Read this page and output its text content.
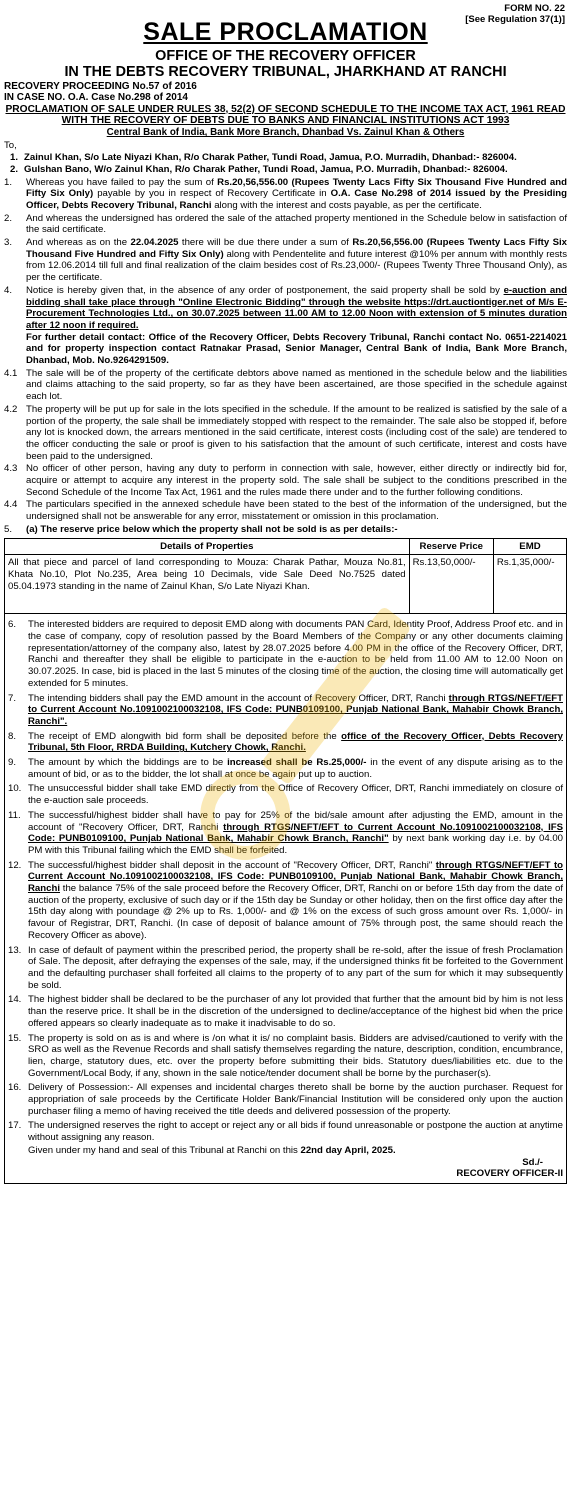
FORM NO. 22
[See Regulation 37(1)]
SALE PROCLAMATION
OFFICE OF THE RECOVERY OFFICER
IN THE DEBTS RECOVERY TRIBUNAL, JHARKHAND AT RANCHI
RECOVERY PROCEEDING No.57 of 2016
IN CASE NO. O.A. Case No.298 of 2014
PROCLAMATION OF SALE UNDER RULES 38, 52(2) OF SECOND SCHEDULE TO THE INCOME TAX ACT, 1961 READ WITH THE RECOVERY OF DEBTS DUE TO BANKS AND FINANCIAL INSTITUTIONS ACT 1993
Central Bank of India, Bank More Branch, Dhanbad Vs. Zainul Khan & Others
To,
1. Zainul Khan, S/o Late Niyazi Khan, R/o Charak Pather, Tundi Road, Jamua, P.O. Murradih, Dhanbad:- 826004.
2. Gulshan Bano, W/o Zainul Khan, R/o Charak Pather, Tundi Road, Jamua, P.O. Murradih, Dhanbad:- 826004.
1.	Whereas you have failed to pay the sum of Rs.20,56,556.00 (Rupees Twenty Lacs Fifty Six Thousand Five Hundred and Fifty Six Only) payable by you in respect of Recovery Certificate in O.A. Case No.298 of 2014 issued by the Presiding Officer, Debts Recovery Tribunal, Ranchi along with the interest and costs payable, as per the certificate.
2.	And whereas the undersigned has ordered the sale of the attached property mentioned in the Schedule below in satisfaction of the said certificate.
3.	And whereas as on the 22.04.2025 there will be due there under a sum of Rs.20,56,556.00 (Rupees Twenty Lacs Fifty Six Thousand Five Hundred and Fifty Six Only) along with Pendentelite and future interest @10% per annum with monthly rests from 12.06.2014 till full and final realization of the claim besides cost of Rs.23,000/- (Rupees Twenty Three Thousand Only), as per the certificate.
4.	Notice is hereby given that, in the absence of any order of postponement, the said property shall be sold by e-auction and bidding shall take place through "Online Electronic Bidding" through the website https://drt.auctiontiger.net of M/s E-Procurement Technologies Ltd., on 30.07.2025 between 11.00 AM to 12.00 Noon with extension of 5 minutes duration after 12 noon if required.
For further detail contact: Office of the Recovery Officer, Debts Recovery Tribunal, Ranchi contact No. 0651-2214021 and for property inspection contact Ratnakar Prasad, Senior Manager, Central Bank of India, Bank More Branch, Dhanbad, Mob. No.9264291509.
4.1 The sale will be of the property of the certificate debtors above named as mentioned in the schedule below and the liabilities and claims attaching to the said property, so far as they have been ascertained, are those specified in the schedule against each lot.
4.2 The property will be put up for sale in the lots specified in the schedule. If the amount to be realized is satisfied by the sale of a portion of the property, the sale shall be immediately stopped with respect to the remainder. The sale also be stopped if, before any lot is knocked down, the arrears mentioned in the said certificate, interest costs (including cost of the sale) are tendered to the officer conducting the sale or proof is given to his satisfaction that the amount of such certificate, interest and costs have been paid to the undersigned.
4.3 No officer of other person, having any duty to perform in connection with sale, however, either directly or indirectly bid for, acquire or attempt to acquire any interest in the property sold. The sale shall be subject to the conditions prescribed in the Second Schedule of the Income Tax Act, 1961 and the rules made there under and to the further following conditions.
4.4 The particulars specified in the annexed schedule have been stated to the best of the information of the undersigned, but the undersigned shall not be answerable for any error, misstatement or omission in this proclamation.
5.	(a) The reserve price below which the property shall not be sold is as per details:-
Details of Properties	Reserve Price	EMD
All that piece and parcel of land corresponding to Mouza: Charak Pathar, Mouza No.81, Khata No.10, Plot No.235, Area being 10 Decimals, vide Sale Deed No.7525 dated 05.04.1973 standing in the name of Zainul Khan, S/o Late Niyazi Khan.	Rs.13,50,000/-	Rs.1,35,000/-
6.	The interested bidders are required to deposit EMD along with documents PAN Card, Identity Proof, Address Proof etc. and in the case of company, copy of resolution passed by the Board Members of the Company or any other documents claiming representation/attorney of the company also, latest by 28.07.2025 before 4.00 PM in the office of the Recovery Officer, DRT, Ranchi and thereafter they shall be eligible to participate in the e-auction to be held from 11.00 AM to 12.00 Noon on 30.07.2025. In case, bid is placed in the last 5 minutes of the closing time of the auction, the closing time will automatically get extended for 5 minutes.
7.	The intending bidders shall pay the EMD amount in the account of Recovery Officer, DRT, Ranchi through RTGS/NEFT/EFT to Current Account No.1091002100032108, IFS Code: PUNB0109100, Punjab National Bank, Mahabir Chowk Branch, Ranchi".
8.	The receipt of EMD alongwith bid form shall be deposited before the office of the Recovery Officer, Debts Recovery Tribunal, 5th Floor, RRDA Building, Kutchery Chowk, Ranchi.
9.	The amount by which the biddings are to be increased shall be Rs.25,000/- in the event of any dispute arising as to the amount of bid, or as to the bidder, the lot shall at once be again put up to auction.
10. The unsuccessful bidder shall take EMD directly from the Office of Recovery Officer, DRT, Ranchi immediately on closure of the e-auction sale proceeds.
11. The successful/highest bidder shall have to pay for 25% of the bid/sale amount after adjusting the EMD, amount in the account of "Recovery Officer, DRT, Ranchi through RTGS/NEFT/EFT to Current Account No.1091002100032108, IFS Code: PUNB0109100, Punjab National Bank, Mahabir Chowk Branch, Ranchi" by next bank working day i.e. by 04.00 PM with this Tribunal failing which the EMD shall be forfeited.
12. The successful/highest bidder shall deposit in the account of "Recovery Officer, DRT, Ranchi" through RTGS/NEFT/EFT to Current Account No.1091002100032108, IFS Code: PUNB0109100, Punjab National Bank, Mahabir Chowk Branch, Ranchi the balance 75% of the sale proceed before the Recovery Officer, DRT, Ranchi on or before 15th day from the date of auction of the property, exclusive of such day or if the 15th day be Sunday or other holiday, then on the first office day after the 15th day along with poundage @ 2% up to Rs. 1,000/- and @ 1% on the excess of such gross amount over Rs. 1,000/- in favour of Registrar, DRT, Ranchi. (In case of deposit of balance amount of 75% through post, the same should reach the Recovery Officer as above).
13. In case of default of payment within the prescribed period, the property shall be re-sold, after the issue of fresh Proclamation of Sale. The deposit, after defraying the expenses of the sale, may, if the undersigned thinks fit be forfeited to the Government and the defaulting purchaser shall forfeited all claims to the property of to any part of the sum for which it may subsequently be sold.
14. The highest bidder shall be declared to be the purchaser of any lot provided that further that the amount bid by him is not less than the reserve price. It shall be in the discretion of the undersigned to decline/acceptance of the highest bid when the price offered appears so clearly inadequate as to make it inadvisable to do so.
15. The property is sold on as is and where is /on what it is/ no complaint basis. Bidders are advised/cautioned to verify with the SRO as well as the Revenue Records and shall satisfy themselves regarding the nature, description, condition, encumbrance, lien, charge, statutory dues, etc. over the property before submitting their bids. Statutory dues/liabilities etc. due to the Government/Local Body, if any, shown in the sale notice/tender document shall be borne by the purchaser(s).
16. Delivery of Possession:- All expenses and incidental charges thereto shall be borne by the auction purchaser. Request for appropriation of sale proceeds by the Certificate Holder Bank/Financial Institution will be considered only upon the auction purchaser filing a memo of having received the title deeds and delivered possession of the property.
17. The undersigned reserves the right to accept or reject any or all bids if found unreasonable or postpone the auction at anytime without assigning any reason.
Given under my hand and seal of this Tribunal at Ranchi on this 22nd day April, 2025.
Sd./-
RECOVERY OFFICER-II
